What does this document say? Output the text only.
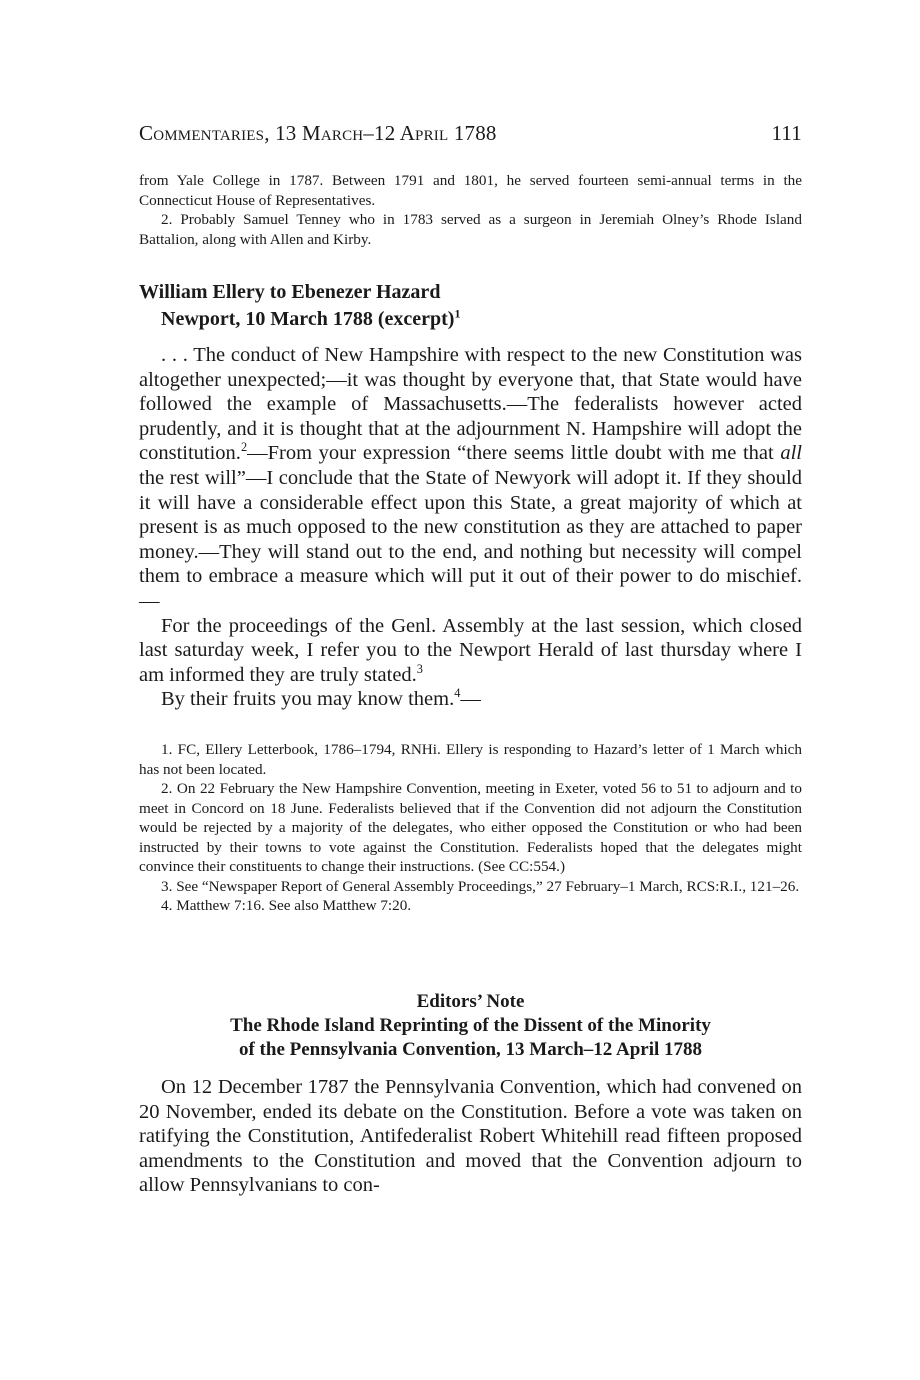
Commentaries, 13 March–12 April 1788	111

from Yale College in 1787. Between 1791 and 1801, he served fourteen semi-annual terms in the Connecticut House of Representatives.

2. Probably Samuel Tenney who in 1783 served as a surgeon in Jeremiah Olney’s Rhode Island Battalion, along with Allen and Kirby.

William Ellery to Ebenezer Hazard
Newport, 10 March 1788 (excerpt)$^1$

. . . The conduct of New Hampshire with respect to the new Constitution was altogether unexpected;—it was thought by everyone that, that State would have followed the example of Massachusetts.—The federalists however acted prudently, and it is thought that at the adjournment N. Hampshire will adopt the constitution.$^2$—From your expression “there seems little doubt with me that all the rest will”—I conclude that the State of Newyork will adopt it. If they should it will have a considerable effect upon this State, a great majority of which at present is as much opposed to the new constitution as they are attached to paper money.—They will stand out to the end, and nothing but necessity will compel them to embrace a measure which will put it out of their power to do mischief.—

For the proceedings of the Genl. Assembly at the last session, which closed last saturday week, I refer you to the Newport Herald of last thursday where I am informed they are truly stated.$^3$

By their fruits you may know them.$^4$—

1. FC, Ellery Letterbook, 1786–1794, RNHi. Ellery is responding to Hazard’s letter of 1 March which has not been located.

2. On 22 February the New Hampshire Convention, meeting in Exeter, voted 56 to 51 to adjourn and to meet in Concord on 18 June. Federalists believed that if the Convention did not adjourn the Constitution would be rejected by a majority of the delegates, who either opposed the Constitution or who had been instructed by their towns to vote against the Constitution. Federalists hoped that the delegates might convince their constituents to change their instructions. (See CC:554.)

3. See “Newspaper Report of General Assembly Proceedings,” 27 February–1 March, RCS:R.I., 121–26.

4. Matthew 7:16. See also Matthew 7:20.

Editors’ Note
The Rhode Island Reprinting of the Dissent of the Minority
of the Pennsylvania Convention, 13 March–12 April 1788

On 12 December 1787 the Pennsylvania Convention, which had convened on 20 November, ended its debate on the Constitution. Before a vote was taken on ratifying the Constitution, Antifederalist Robert Whitehill read fifteen proposed amendments to the Constitution and moved that the Convention adjourn to allow Pennsylvanians to con-
